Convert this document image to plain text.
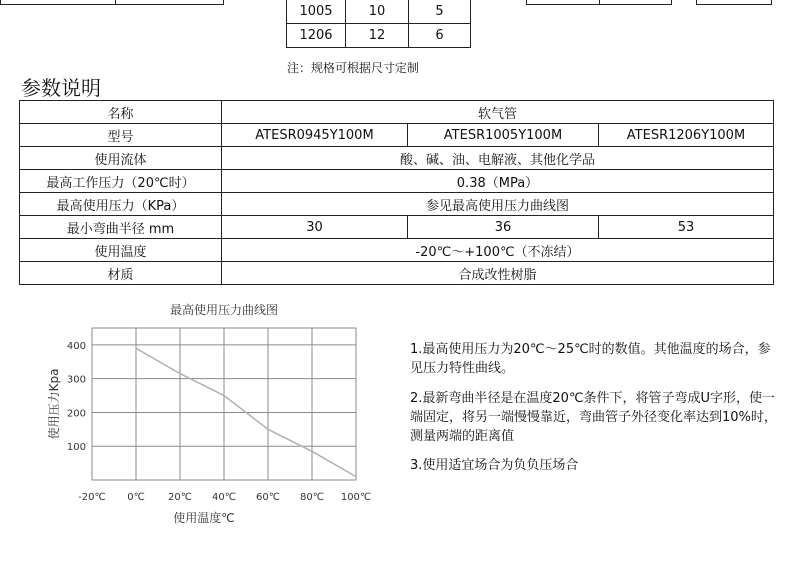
1005	10	5
1206	12	6
注：规格可根据尺寸定制
参数说明
名称	软气管		
型号	ATESR0945Y100M	ATESR1005Y100M	ATESR1206Y100M
使用流体	酸、碱、油、电解液、其他化学品		
最高工作压力（20℃时）	0.38（MPa）		
最高使用压力（KPa）	参见最高使用压力曲线图		
最小弯曲半径 mm	30	36	53
使用温度	-20℃～+100℃（不冻结）		
材质	合成改性树脂		
最高使用压力曲线图
-20℃ 0℃ 20℃ 40℃ 60℃ 80℃ 100℃
100
200
300
400
使用温度℃
使用压力Kpa
1.最高使用压力为20℃～25℃时的数值。其他温度的场合，参见压力特性曲线。
2.最新弯曲半径是在温度20℃条件下，将管子弯成U字形，使一端固定，将另一端慢慢靠近，弯曲管子外径变化率达到10%时，测量两端的距离值
3.使用适宜场合为负负压场合
